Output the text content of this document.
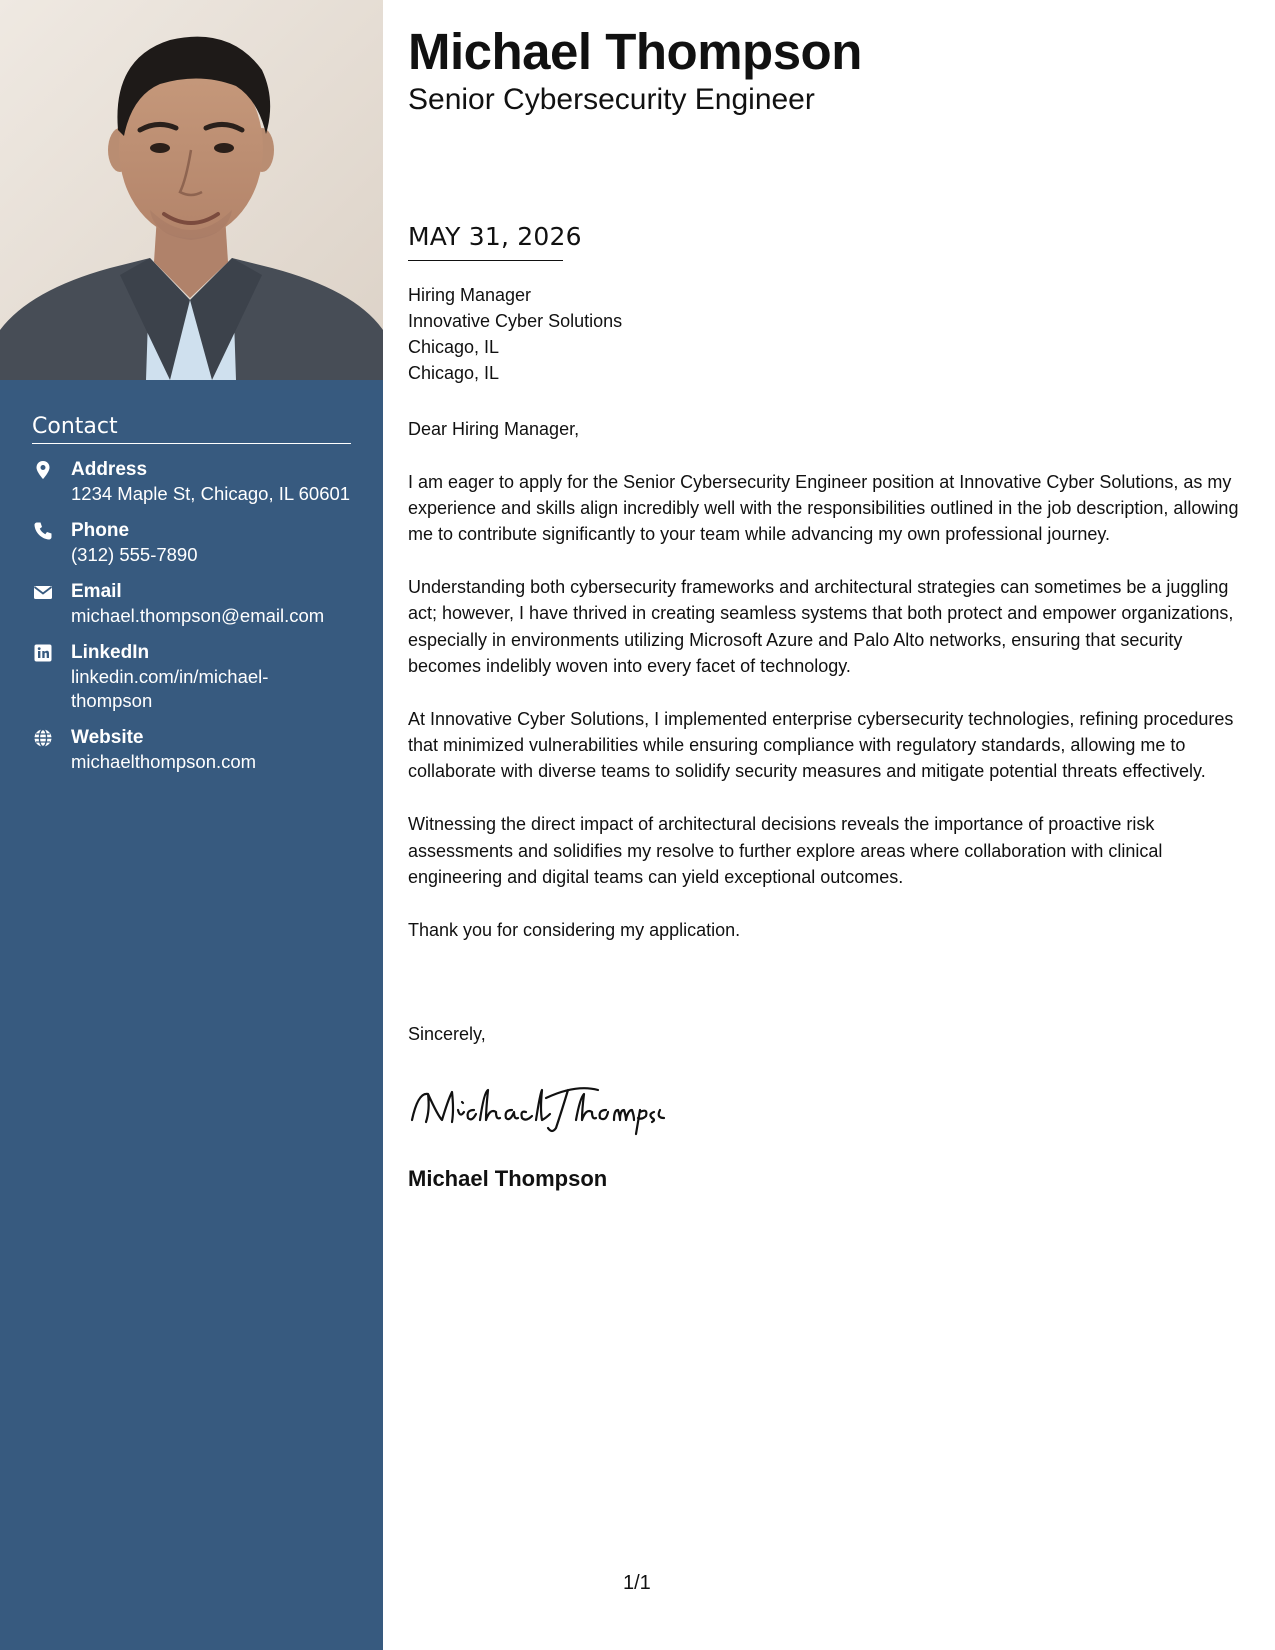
Contact
Address
1234 Maple St, Chicago, IL 60601
Phone
(312) 555-7890
Email
michael.thompson@email.com
LinkedIn
linkedin.com/in/michael-
thompson
Website
michaelthompson.com
Michael Thompson
Senior Cybersecurity Engineer
MAY 31, 2026
Hiring Manager
Innovative Cyber Solutions
Chicago, IL
Chicago, IL

Dear Hiring Manager,

I am eager to apply for the Senior Cybersecurity Engineer position at Innovative Cyber Solutions, as my experience and skills align incredibly well with the responsibilities outlined in the job description, allowing me to contribute significantly to your team while advancing my own professional journey.

Understanding both cybersecurity frameworks and architectural strategies can sometimes be a juggling act; however, I have thrived in creating seamless systems that both protect and empower organizations, especially in environments utilizing Microsoft Azure and Palo Alto networks, ensuring that security becomes indelibly woven into every facet of technology.

At Innovative Cyber Solutions, I implemented enterprise cybersecurity technologies, refining procedures that minimized vulnerabilities while ensuring compliance with regulatory standards, allowing me to collaborate with diverse teams to solidify security measures and mitigate potential threats effectively.

Witnessing the direct impact of architectural decisions reveals the importance of proactive risk assessments and solidifies my resolve to further explore areas where collaboration with clinical engineering and digital teams can yield exceptional outcomes.

Thank you for considering my application.

Sincerely,
Michael Thompson
1/1
